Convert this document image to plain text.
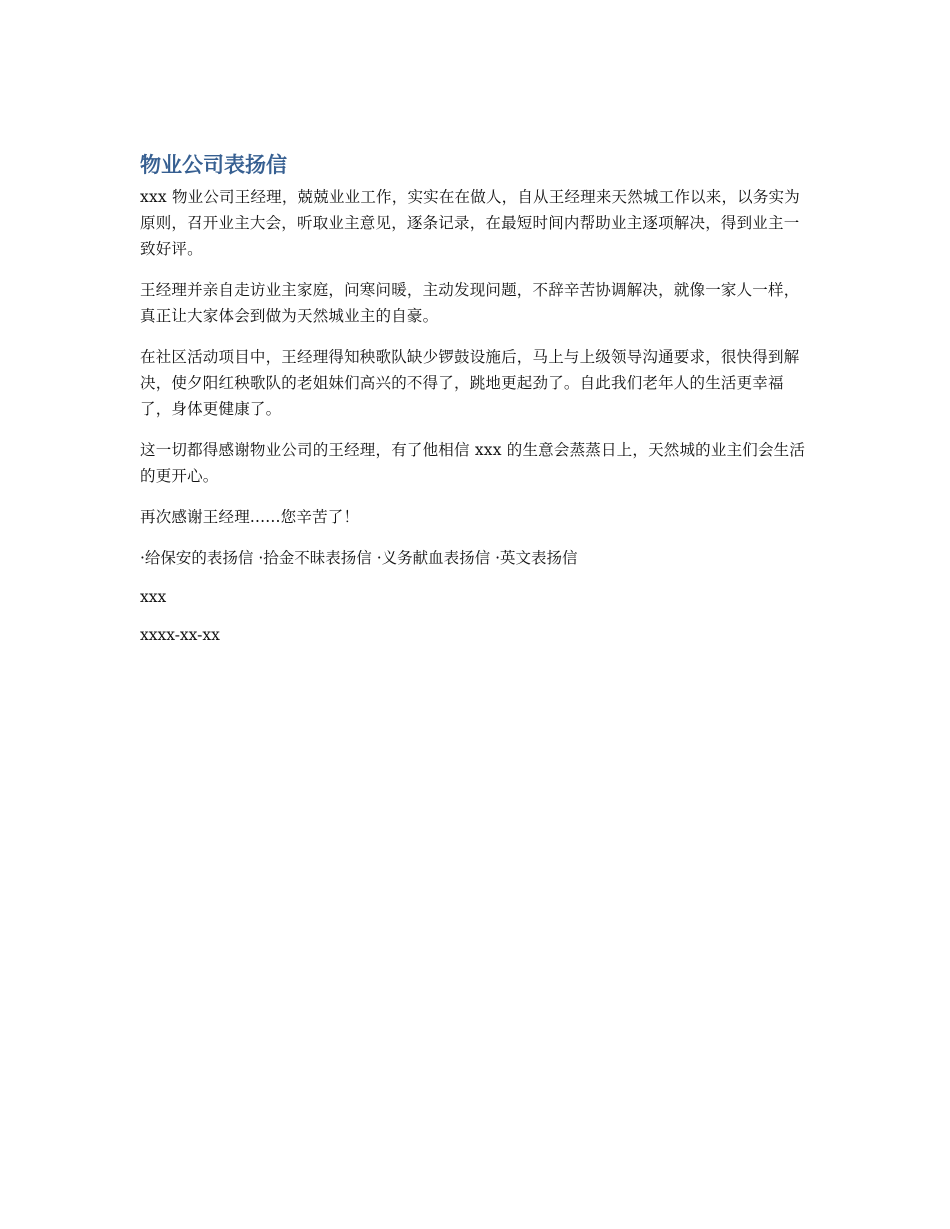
物业公司表扬信

xxx 物业公司王经理，兢兢业业工作，实实在在做人，自从王经理来天然城工作以来，以务实为原则，召开业主大会，听取业主意见，逐条记录，在最短时间内帮助业主逐项解决，得到业主一致好评。

王经理并亲自走访业主家庭，问寒问暖，主动发现问题，不辞辛苦协调解决，就像一家人一样，真正让大家体会到做为天然城业主的自豪。

在社区活动项目中，王经理得知秧歌队缺少锣鼓设施后，马上与上级领导沟通要求，很快得到解决，使夕阳红秧歌队的老姐妹们高兴的不得了，跳地更起劲了。自此我们老年人的生活更幸福了，身体更健康了。

这一切都得感谢物业公司的王经理，有了他相信 xxx 的生意会蒸蒸日上，天然城的业主们会生活的更开心。

再次感谢王经理......您辛苦了！

·给保安的表扬信 ·拾金不昧表扬信 ·义务献血表扬信 ·英文表扬信
xxx
xxxx-xx-xx
